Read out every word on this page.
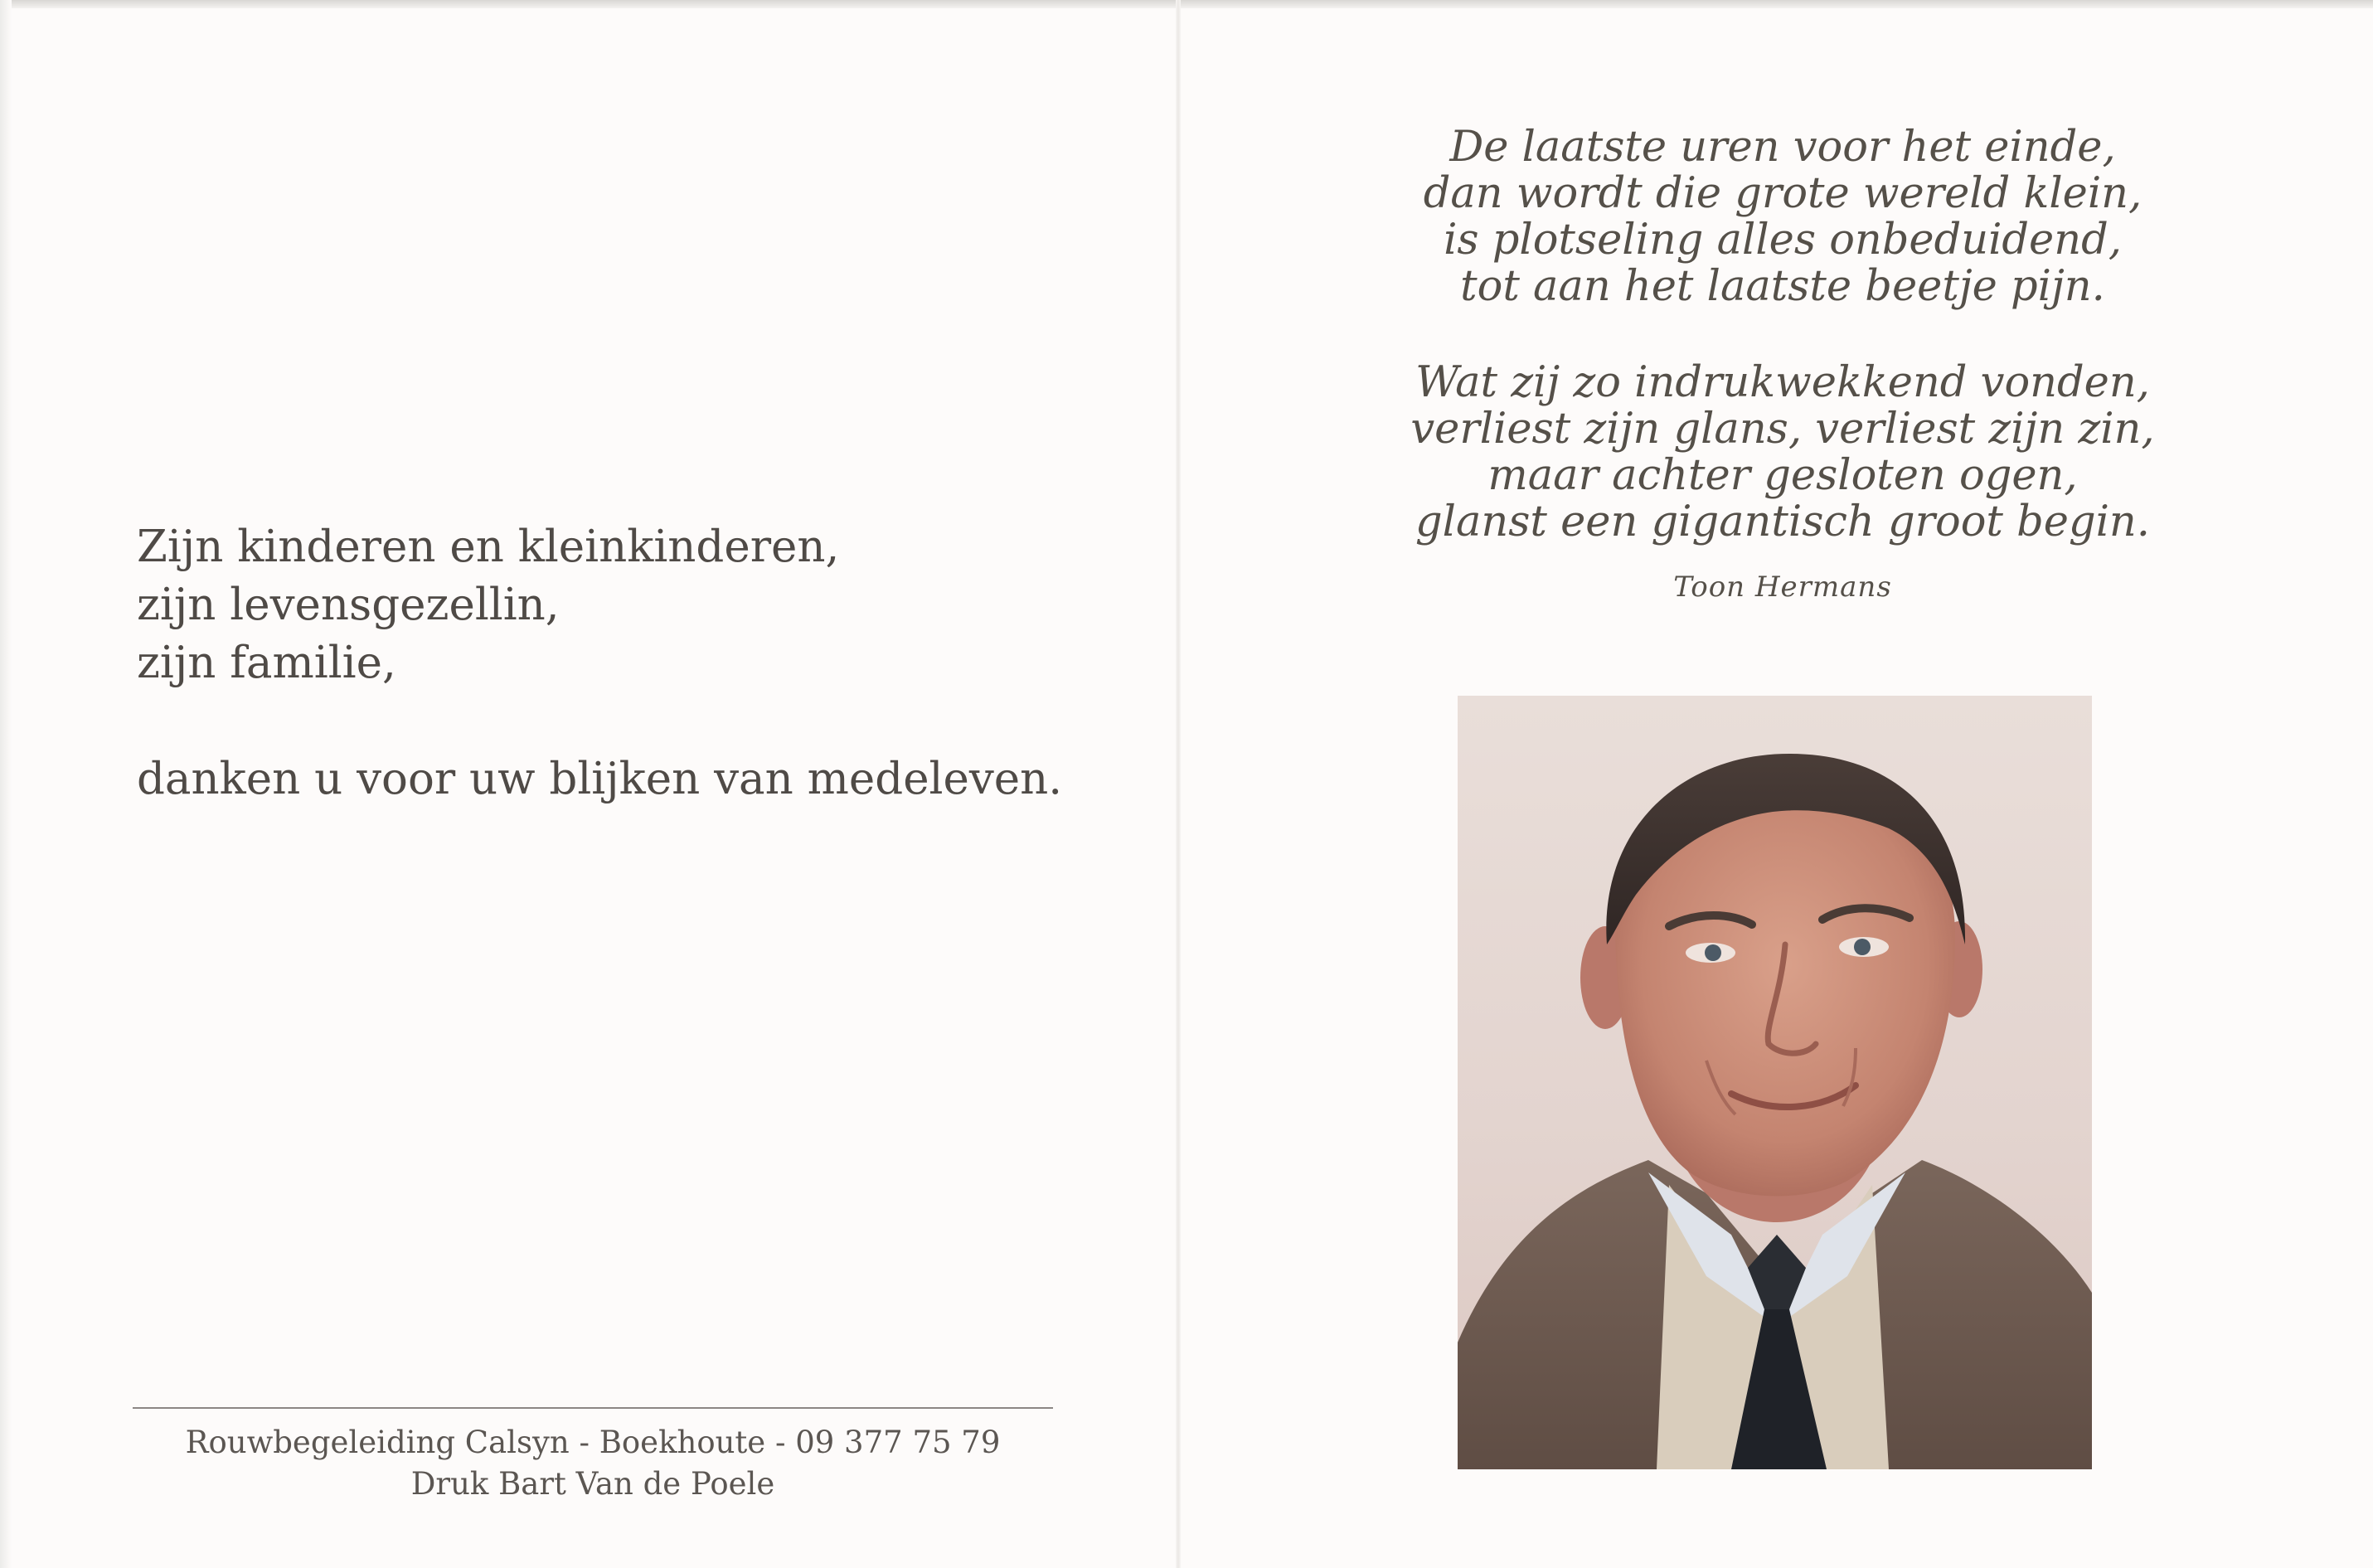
Zijn kinderen en kleinkinderen,
zijn levensgezellin,
zijn familie,
danken u voor uw blijken van medeleven.
Rouwbegeleiding Calsyn - Boekhoute - 09 377 75 79
Druk Bart Van de Poele
De laatste uren voor het einde,
dan wordt die grote wereld klein,
is plotseling alles onbeduidend,
tot aan het laatste beetje pijn.
Wat zij zo indrukwekkend vonden,
verliest zijn glans, verliest zijn zin,
maar achter gesloten ogen,
glanst een gigantisch groot begin.
Toon Hermans
